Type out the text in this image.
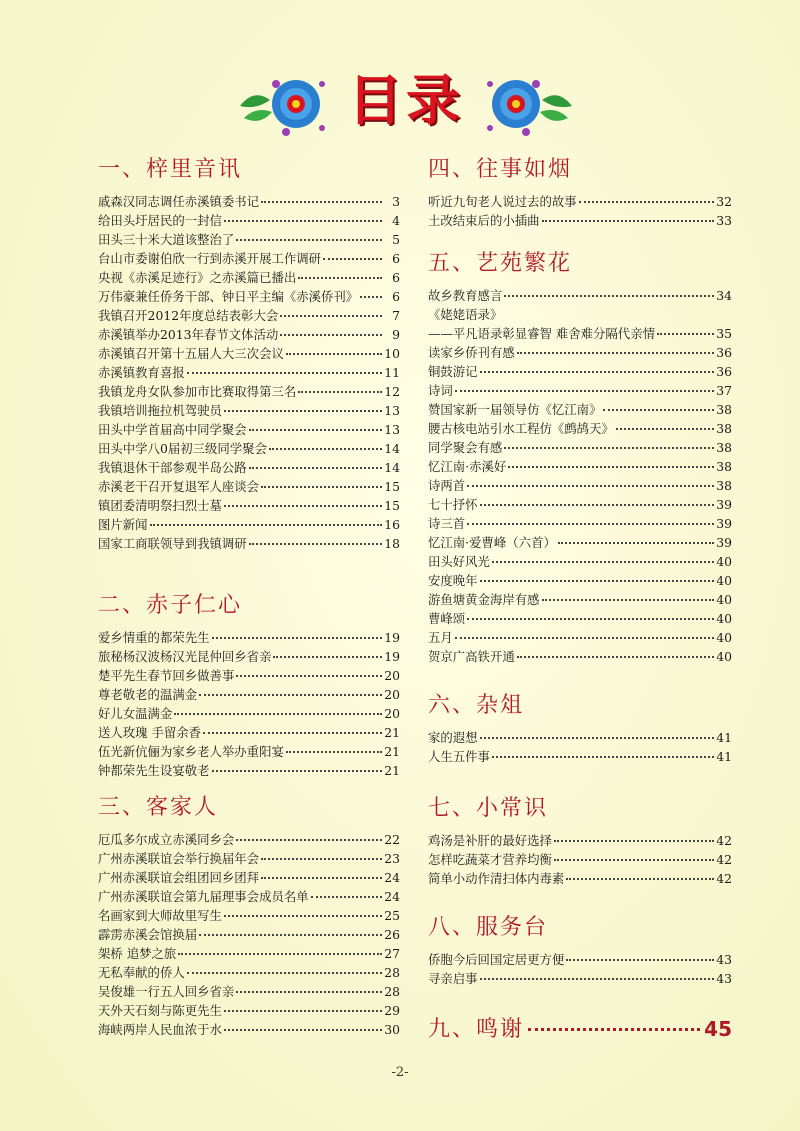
目录
一、梓里音讯
戚森汉同志调任赤溪镇委书记	3
给田头圩居民的一封信	4
田头三十米大道该整治了	5
台山市委谢伯欣一行到赤溪开展工作调研	6
央视《赤溪足迹行》之赤溪篇已播出	6
万伟豪兼任侨务干部、钟日平主编《赤溪侨刊》	6
我镇召开2012年度总结表彰大会	7
赤溪镇举办2013年春节文体活动	9
赤溪镇召开第十五届人大三次会议	10
赤溪镇教育喜报	11
我镇龙舟女队参加市比赛取得第三名	12
我镇培训拖拉机驾驶员	13
田头中学首届高中同学聚会	13
田头中学八0届初三级同学聚会	14
我镇退休干部参观半岛公路	14
赤溪老干召开复退军人座谈会	15
镇团委清明祭扫烈士墓	15
图片新闻	16
国家工商联领导到我镇调研	18
二、赤子仁心
爱乡情重的都荣先生	19
旅秘杨汉波杨汉光昆仲回乡省亲	19
楚平先生春节回乡做善事	20
尊老敬老的温满金	20
好儿女温满金	20
送人玫瑰 手留余香	21
伍光新伉俪为家乡老人举办重阳宴	21
钟都荣先生设宴敬老	21
三、客家人
厄瓜多尔成立赤溪同乡会	22
广州赤溪联谊会举行换届年会	23
广州赤溪联谊会组团回乡团拜	24
广州赤溪联谊会第九届理事会成员名单	24
名画家到大师故里写生	25
霹雳赤溪会馆换届	26
架桥 追梦之旅	27
无私奉献的侨人	28
吴俊雄一行五人回乡省亲	28
天外天石刻与陈更先生	29
海峡两岸人民血浓于水	30
四、往事如烟
听近九旬老人说过去的故事	32
土改结束后的小插曲	33
五、艺苑繁花
故乡教育感言	34
《姥姥语录》
——平凡语录彰显睿智 难舍难分隔代亲情	35
读家乡侨刊有感	36
铜鼓游记	36
诗词	37
赞国家新一届领导仿《忆江南》	38
腰古核电站引水工程仿《鹧鸪天》	38
同学聚会有感	38
忆江南·赤溪好	38
诗两首	38
七十抒怀	39
诗三首	39
忆江南·爱曹峰（六首）	39
田头好风光	40
安度晚年	40
游鱼塘黄金海岸有感	40
曹峰颂	40
五月	40
贺京广高铁开通	40
六、杂俎
家的遐想	41
人生五件事	41
七、小常识
鸡汤是补肝的最好选择	42
怎样吃蔬菜才营养均衡	42
简单小动作清扫体内毒素	42
八、服务台
侨胞今后回国定居更方便	43
寻亲启事	43
九、鸣谢	45
-2-
